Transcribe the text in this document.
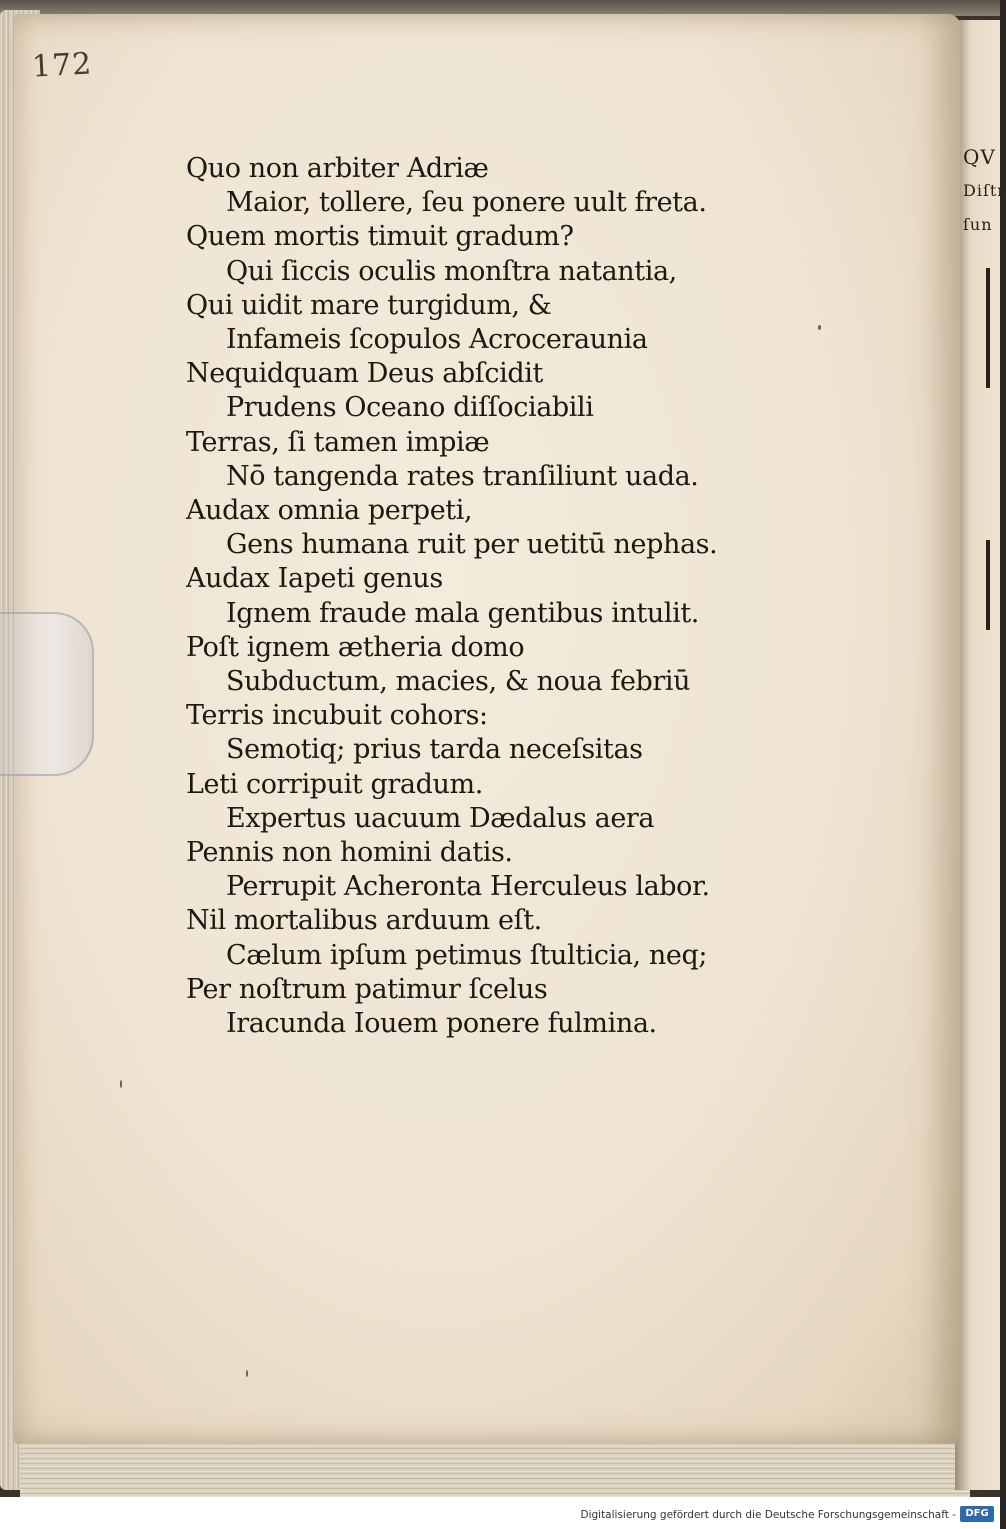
QV
Diſtr
ſun
172
Quo non arbiter Adriæ
Maior, tollere, ſeu ponere uult freta.
Quem mortis timuit gradum?
Qui ſiccis oculis monſtra natantia,
Qui uidit mare turgidum, &
Infameis ſcopulos Acroceraunia
Nequidquam Deus abſcidit
Prudens Oceano diſſociabili
Terras, ſi tamen impiæ
Nō tangenda rates tranſiliunt uada.
Audax omnia perpeti,
Gens humana ruit per uetitū nephas.
Audax Iapeti genus
Ignem fraude mala gentibus intulit.
Poſt ignem ætheria domo
Subductum, macies, & noua febriū
Terris incubuit cohors:
Semotiq; prius tarda neceſsitas
Leti corripuit gradum.
Expertus uacuum Dædalus aera
Pennis non homini datis.
Perrupit Acheronta Herculeus labor.
Nil mortalibus arduum eſt.
Cælum ipſum petimus ſtulticia, neq;
Per noſtrum patimur ſcelus
Iracunda Iouem ponere fulmina.
Digitalisierung gefördert durch die Deutsche Forschungsgemeinschaft - DFG
